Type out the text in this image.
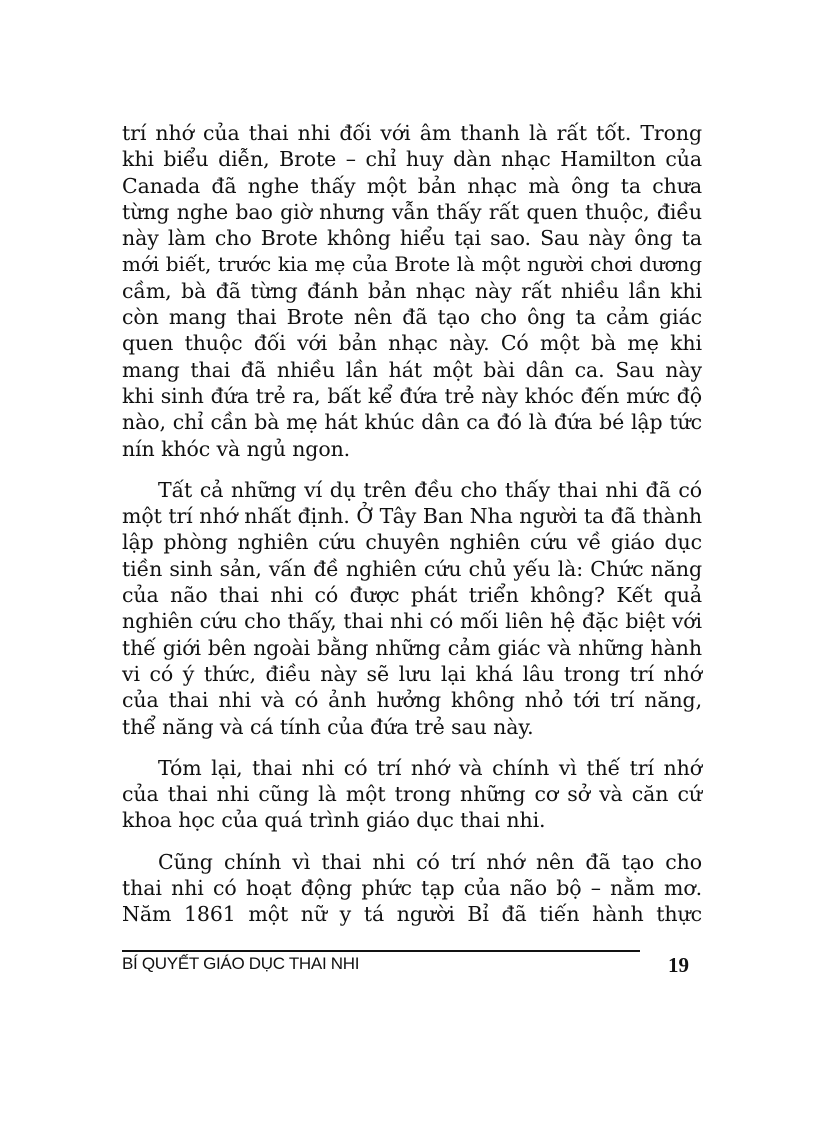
trí nhớ của thai nhi đối với âm thanh là rất tốt. Trong
khi biểu diễn, Brote – chỉ huy dàn nhạc Hamilton của
Canada đã nghe thấy một bản nhạc mà ông ta chưa
từng nghe bao giờ nhưng vẫn thấy rất quen thuộc, điều
này làm cho Brote không hiểu tại sao. Sau này ông ta
mới biết, trước kia mẹ của Brote là một người chơi dương
cầm, bà đã từng đánh bản nhạc này rất nhiều lần khi
còn mang thai Brote nên đã tạo cho ông ta cảm giác
quen thuộc đối với bản nhạc này. Có một bà mẹ khi
mang thai đã nhiều lần hát một bài dân ca. Sau này
khi sinh đứa trẻ ra, bất kể đứa trẻ này khóc đến mức độ
nào, chỉ cần bà mẹ hát khúc dân ca đó là đứa bé lập tức
nín khóc và ngủ ngon.
Tất cả những ví dụ trên đều cho thấy thai nhi đã có
một trí nhớ nhất định. Ở Tây Ban Nha người ta đã thành
lập phòng nghiên cứu chuyên nghiên cứu về giáo dục
tiền sinh sản, vấn đề nghiên cứu chủ yếu là: Chức năng
của não thai nhi có được phát triển không? Kết quả
nghiên cứu cho thấy, thai nhi có mối liên hệ đặc biệt với
thế giới bên ngoài bằng những cảm giác và những hành
vi có ý thức, điều này sẽ lưu lại khá lâu trong trí nhớ
của thai nhi và có ảnh hưởng không nhỏ tới trí năng,
thể năng và cá tính của đứa trẻ sau này.
Tóm lại, thai nhi có trí nhớ và chính vì thế trí nhớ
của thai nhi cũng là một trong những cơ sở và căn cứ
khoa học của quá trình giáo dục thai nhi.
Cũng chính vì thai nhi có trí nhớ nên đã tạo cho
thai nhi có hoạt động phức tạp của não bộ – nằm mơ.
Năm 1861 một nữ y tá người Bỉ đã tiến hành thực
BÍ QUYẾT GIÁO DỤC THAI NHI	19
